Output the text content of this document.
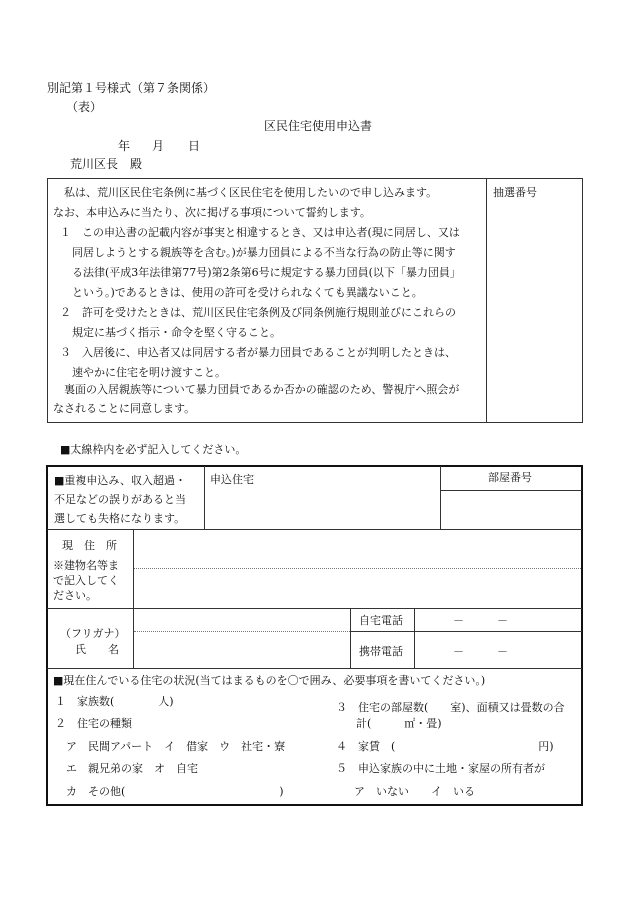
別記第１号様式（第７条関係）
（表）
区民住宅使用申込書
年 月 日
荒川区長　殿
抽選番号
私は、荒川区民住宅条例に基づく区民住宅を使用したいので申し込みます。
なお、本申込みに当たり、次に掲げる事項について誓約します。
１　この申込書の記載内容が事実と相違するとき、又は申込者(現に同居し、又は
同居しようとする親族等を含む。)が暴力団員による不当な行為の防止等に関す
る法律(平成3年法律第77号)第2条第6号に規定する暴力団員(以下「暴力団員」
という。)であるときは、使用の許可を受けられなくても異議ないこと。
２　許可を受けたときは、荒川区民住宅条例及び同条例施行規則並びにこれらの
規定に基づく指示・命令を堅く守ること。
３　入居後に、申込者又は同居する者が暴力団員であることが判明したときは、
速やかに住宅を明け渡すこと。
裏面の入居親族等について暴力団員であるか否かの確認のため、警視庁へ照会が
なされることに同意します。
■太線枠内を必ず記入してください。
■重複申込み、収入超過・
不足などの誤りがあると当
選しても失格になります。
申込住宅	部屋番号
現　住　所
※建物名等ま
で記入してく
ださい。
（フリガナ）
氏　　名
自宅電話
携帯電話
－　　　－
－　　　－
■現在住んでいる住宅の状況(当てはまるものを〇で囲み、必要事項を書いてください。)
１　家族数(　　　　人)
２　住宅の種類
ア　民間アパート　イ　借家　ウ　社宅・寮
エ　親兄弟の家　オ　自宅
カ　その他(　　　　　　　　　　　　　　)
３　住宅の部屋数(　　室)、面積又は畳数の合
計(　　　㎡・畳)
４　家賃　(　　　　　　　　　　　　　円)
５　申込家族の中に土地・家屋の所有者が
ア　いない　　イ　いる
